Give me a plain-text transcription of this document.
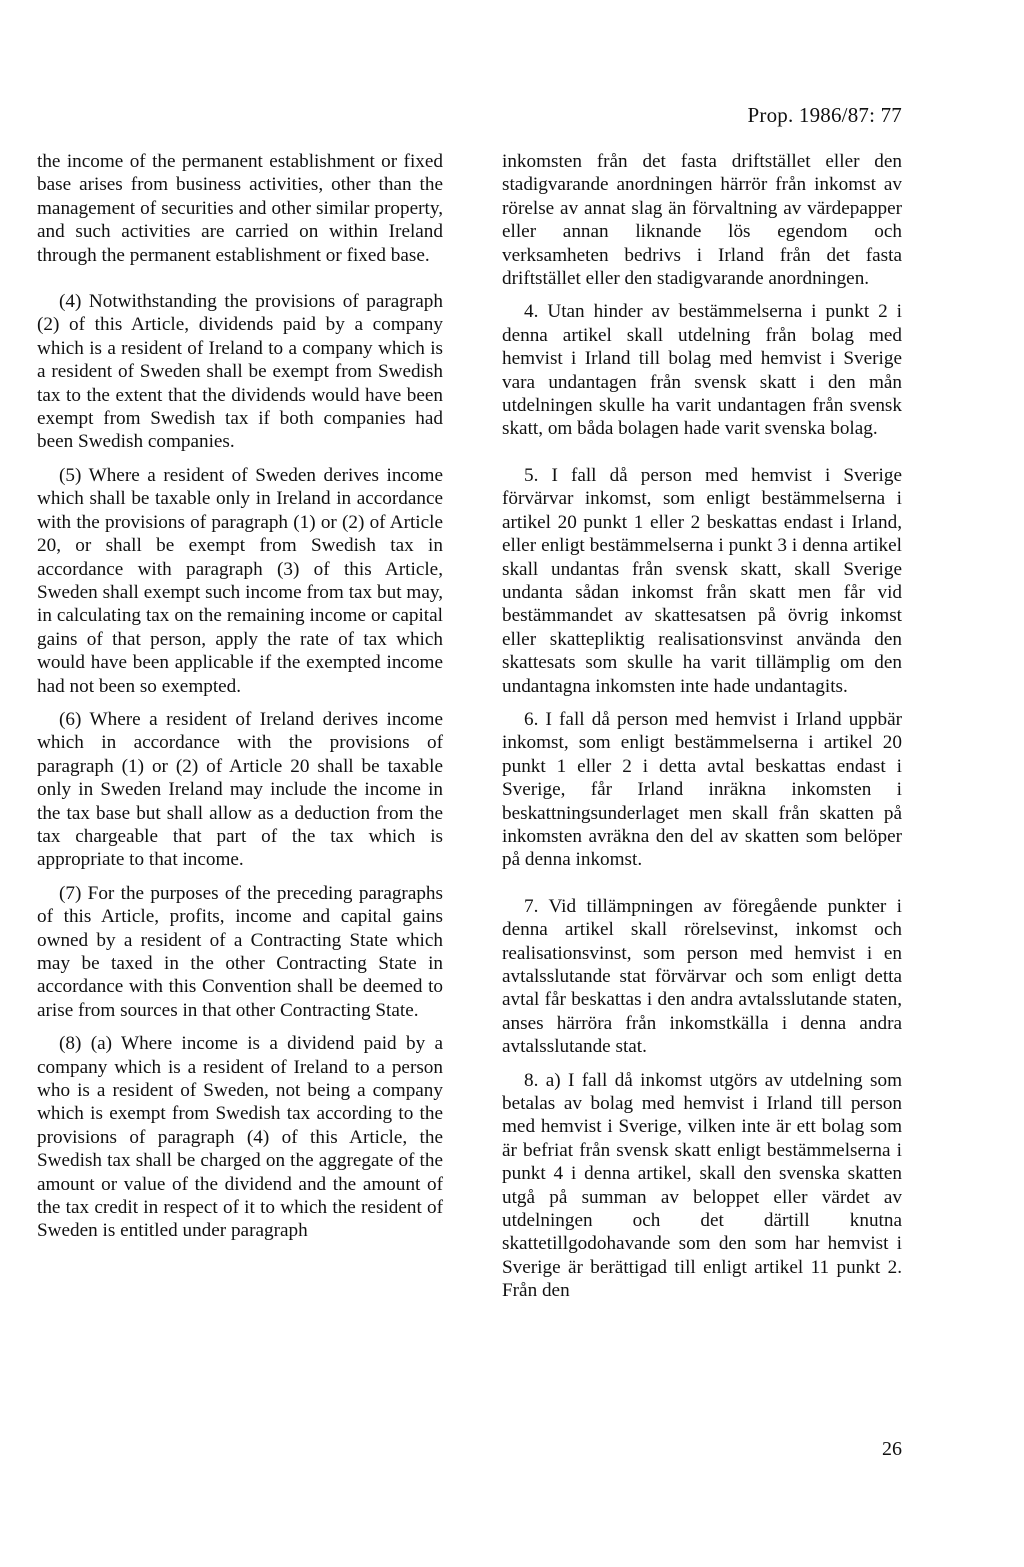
Prop. 1986/87: 77

the income of the permanent establishment or fixed base arises from business activities, other than the management of securities and other similar property, and such activities are carried on within Ireland through the permanent establishment or fixed base.

(4) Notwithstanding the provisions of paragraph (2) of this Article, dividends paid by a company which is a resident of Ireland to a company which is a resident of Sweden shall be exempt from Swedish tax to the extent that the dividends would have been exempt from Swedish tax if both companies had been Swedish companies.

(5) Where a resident of Sweden derives income which shall be taxable only in Ireland in accordance with the provisions of paragraph (1) or (2) of Article 20, or shall be exempt from Swedish tax in accordance with paragraph (3) of this Article, Sweden shall exempt such income from tax but may, in calculating tax on the remaining income or capital gains of that person, apply the rate of tax which would have been applicable if the exempted income had not been so exempted.

(6) Where a resident of Ireland derives income which in accordance with the provisions of paragraph (1) or (2) of Article 20 shall be taxable only in Sweden Ireland may include the income in the tax base but shall allow as a deduction from the tax chargeable that part of the tax which is appropriate to that income.

(7) For the purposes of the preceding paragraphs of this Article, profits, income and capital gains owned by a resident of a Contracting State which may be taxed in the other Contracting State in accordance with this Convention shall be deemed to arise from sources in that other Contracting State.

(8) (a) Where income is a dividend paid by a company which is a resident of Ireland to a person who is a resident of Sweden, not being a company which is exempt from Swedish tax according to the provisions of paragraph (4) of this Article, the Swedish tax shall be charged on the aggregate of the amount or value of the dividend and the amount of the tax credit in respect of it to which the resident of Sweden is entitled under paragraph

inkomsten från det fasta driftstället eller den stadigvarande anordningen härrör från inkomst av rörelse av annat slag än förvaltning av värdepapper eller annan liknande lös egendom och verksamheten bedrivs i Irland från det fasta driftstället eller den stadigvarande anordningen.

4. Utan hinder av bestämmelserna i punkt 2 i denna artikel skall utdelning från bolag med hemvist i Irland till bolag med hemvist i Sverige vara undantagen från svensk skatt i den mån utdelningen skulle ha varit undantagen från svensk skatt, om båda bolagen hade varit svenska bolag.

5. I fall då person med hemvist i Sverige förvärvar inkomst, som enligt bestämmelserna i artikel 20 punkt 1 eller 2 beskattas endast i Irland, eller enligt bestämmelserna i punkt 3 i denna artikel skall undantas från svensk skatt, skall Sverige undanta sådan inkomst från skatt men får vid bestämmandet av skattesatsen på övrig inkomst eller skattepliktig realisationsvinst använda den skattesats som skulle ha varit tillämplig om den undantagna inkomsten inte hade undantagits.

6. I fall då person med hemvist i Irland uppbär inkomst, som enligt bestämmelserna i artikel 20 punkt 1 eller 2 i detta avtal beskattas endast i Sverige, får Irland inräkna inkomsten i beskattningsunderlaget men skall från skatten på inkomsten avräkna den del av skatten som belöper på denna inkomst.

7. Vid tillämpningen av föregående punkter i denna artikel skall rörelsevinst, inkomst och realisationsvinst, som person med hemvist i en avtalsslutande stat förvärvar och som enligt detta avtal får beskattas i den andra avtalsslutande staten, anses härröra från inkomstkälla i denna andra avtalsslutande stat.

8. a) I fall då inkomst utgörs av utdelning som betalas av bolag med hemvist i Irland till person med hemvist i Sverige, vilken inte är ett bolag som är befriat från svensk skatt enligt bestämmelserna i punkt 4 i denna artikel, skall den svenska skatten utgå på summan av beloppet eller värdet av utdelningen och det därtill knutna skattetillgodohavande som den som har hemvist i Sverige är berättigad till enligt artikel 11 punkt 2. Från den

26
